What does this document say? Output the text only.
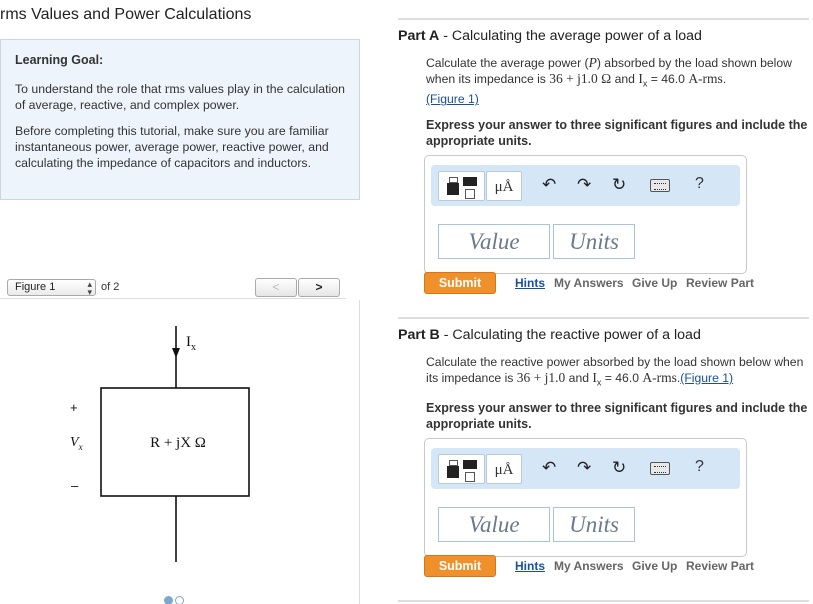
rms Values and Power Calculations
Learning Goal:

To understand the role that rms values play in the calculation of average, reactive, and complex power.

Before completing this tutorial, make sure you are familiar instantaneous power, average power, reactive power, and calculating the impedance of capacitors and inductors.

Figure 1	▴
▾ of 2	<	>
$I_x$
R + jX Ω
+
$V_x$
–
Part A - Calculating the average power of a load
Calculate the average power (P) absorbed by the load shown below when its impedance is 36 + j1.0 Ω and $I_x = 46.0$ A-rms.
(Figure 1)
Express your answer to three significant figures and include the appropriate units.
μÅ	↶ ↷ ↻	?
Value
Units
Submit	Hints My Answers Give Up Review Part
Part B - Calculating the reactive power of a load
Calculate the reactive power absorbed by the load shown below when its impedance is 36 + j1.0 and $I_x = 46.0$ A-rms.(Figure 1)
Express your answer to three significant figures and include the appropriate units.
μÅ	↶ ↷ ↻	?
Value
Units
Submit	Hints My Answers Give Up Review Part
